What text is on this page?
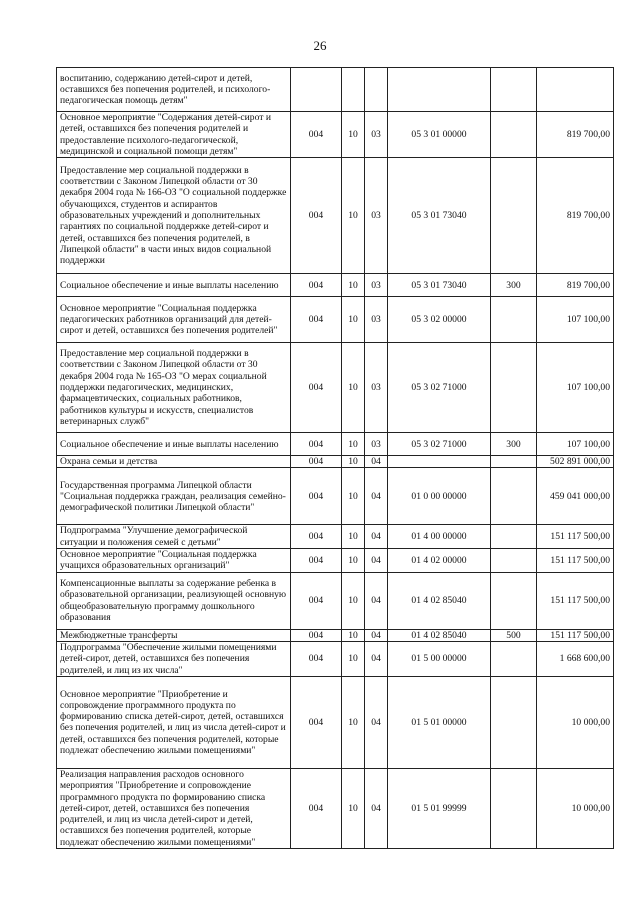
26
воспитанию, содержанию детей-сирот и детей, оставшихся без попечения родителей, и психолого-педагогическая помощь детям"						
Основное мероприятие "Содержания детей-сирот и детей, оставшихся без попечения родителей и предоставление психолого-педагогической, медицинской и социальной помощи детям"	004	10	03	05 3 01 00000		819 700,00
Предоставление мер социальной поддержки в соответствии с Законом Липецкой области от 30 декабря 2004 года № 166-ОЗ "О социальной поддержке обучающихся, студентов и аспирантов образовательных учреждений и дополнительных гарантиях по социальной поддержке детей-сирот и детей, оставшихся без попечения родителей, в Липецкой области" в части иных видов социальной поддержки	004	10	03	05 3 01 73040		819 700,00
Социальное обеспечение и иные выплаты населению	004	10	03	05 3 01 73040	300	819 700,00
Основное мероприятие "Социальная поддержка педагогических работников организаций для детей-сирот и детей, оставшихся без попечения родителей"	004	10	03	05 3 02 00000		107 100,00
Предоставление мер социальной поддержки в соответствии с Законом Липецкой области от 30 декабря 2004 года № 165-ОЗ "О мерах социальной поддержки педагогических, медицинских, фармацевтических, социальных работников, работников культуры и искусств, специалистов ветеринарных служб"	004	10	03	05 3 02 71000		107 100,00
Социальное обеспечение и иные выплаты населению	004	10	03	05 3 02 71000	300	107 100,00
Охрана семьи и детства	004	10	04			502 891 000,00
Государственная программа Липецкой области "Социальная поддержка граждан, реализация семейно-демографической политики Липецкой области"	004	10	04	01 0 00 00000		459 041 000,00
Подпрограмма "Улучшение демографической ситуации и положения семей с детьми"	004	10	04	01 4 00 00000		151 117 500,00
Основное мероприятие "Социальная поддержка учащихся образовательных организаций"	004	10	04	01 4 02 00000		151 117 500,00
Компенсационные выплаты за содержание ребенка в образовательной организации, реализующей основную общеобразовательную программу дошкольного образования	004	10	04	01 4 02 85040		151 117 500,00
Межбюджетные трансферты	004	10	04	01 4 02 85040	500	151 117 500,00
Подпрограмма "Обеспечение жилыми помещениями детей-сирот, детей, оставшихся без попечения родителей, и лиц из их числа"	004	10	04	01 5 00 00000		1 668 600,00
Основное мероприятие "Приобретение и сопровождение программного продукта по формированию списка детей-сирот, детей, оставшихся без попечения родителей, и лиц из числа детей-сирот и детей, оставшихся без попечения родителей, которые подлежат обеспечению жилыми помещениями"	004	10	04	01 5 01 00000		10 000,00
Реализация направления расходов основного мероприятия "Приобретение и сопровождение программного продукта по формированию списка детей-сирот, детей, оставшихся без попечения родителей, и лиц из числа детей-сирот и детей, оставшихся без попечения родителей, которые подлежат обеспечению жилыми помещениями"	004	10	04	01 5 01 99999		10 000,00
